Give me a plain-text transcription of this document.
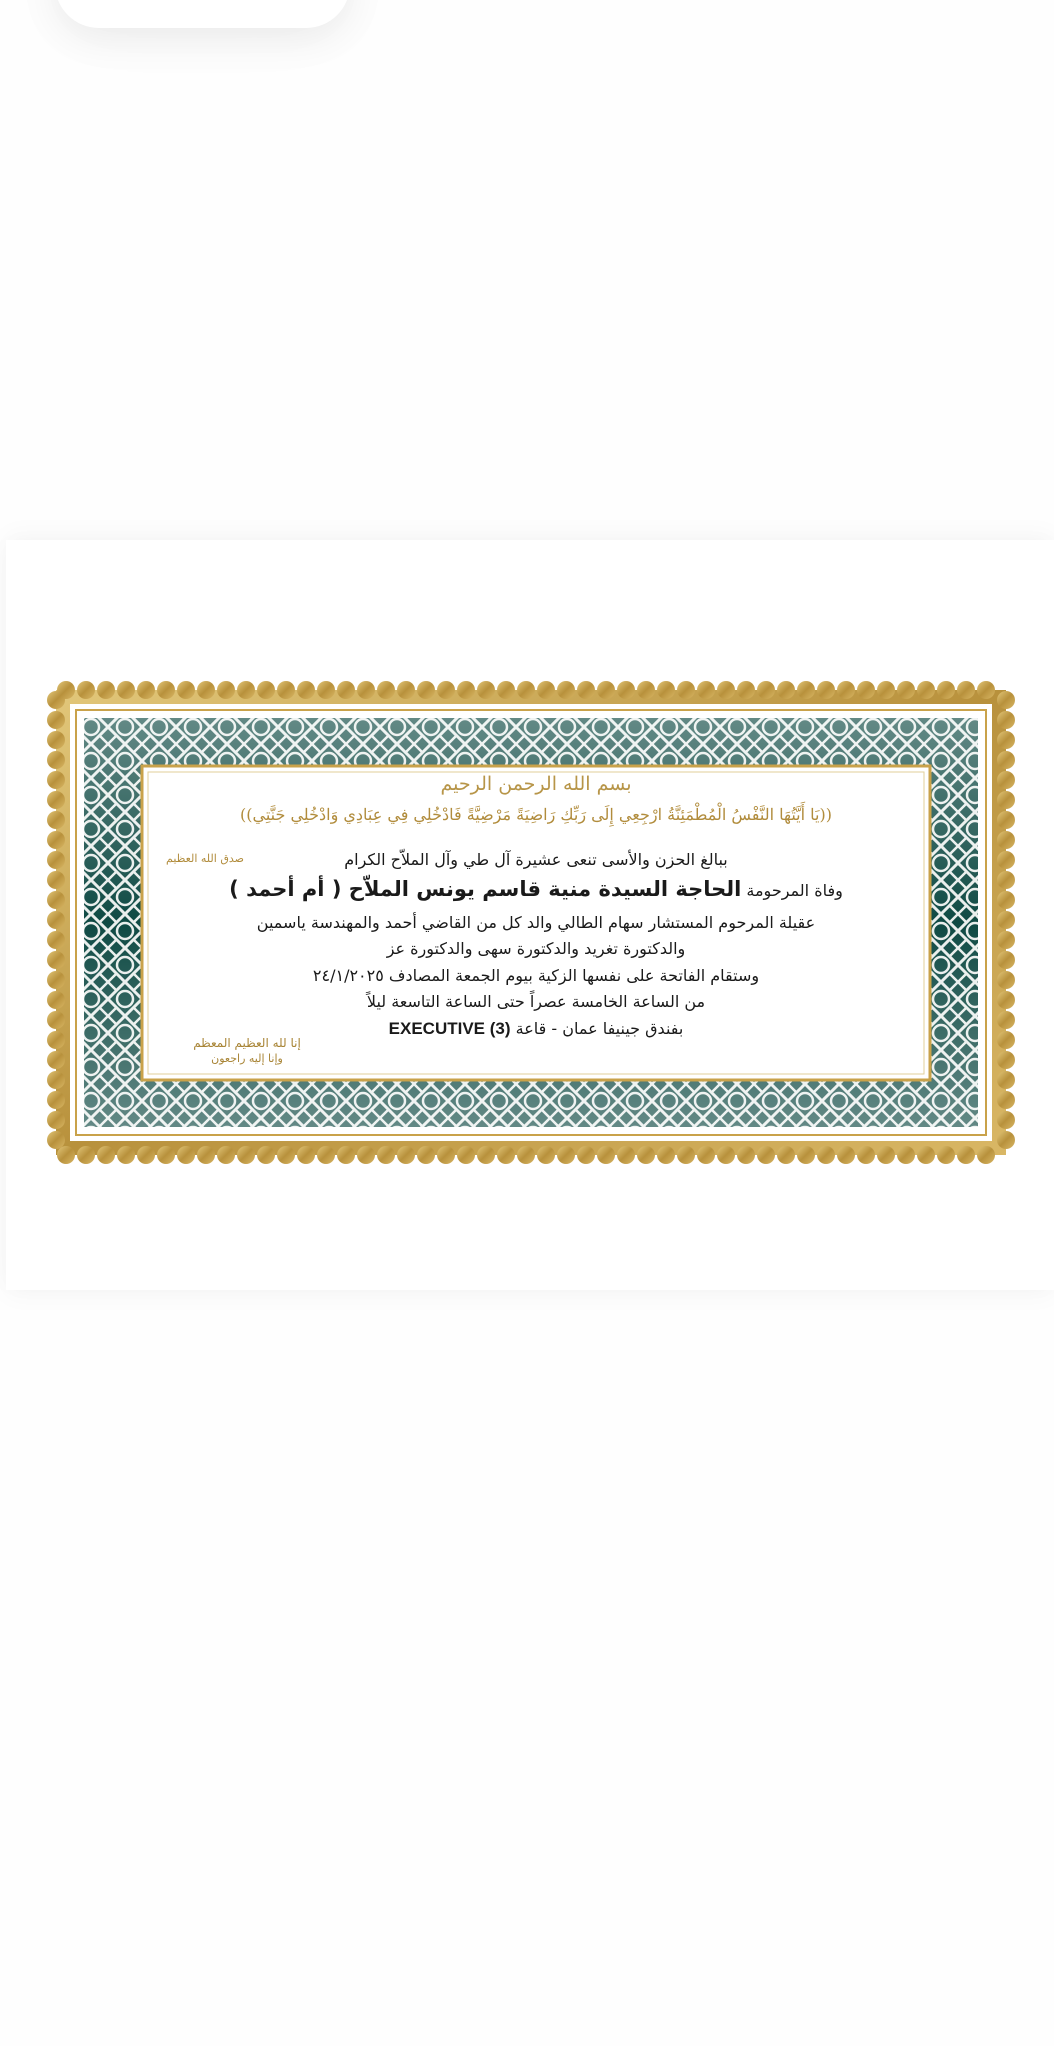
بسم الله الرحمن الرحيم
((يَا أَيَّتُهَا النَّفْسُ الْمُطْمَئِنَّةُ ارْجِعِي إِلَى رَبِّكِ رَاضِيَةً مَرْضِيَّةً فَادْخُلِي فِي عِبَادِي وَادْخُلِي جَنَّتِي))
ببالغ الحزن والأسى تنعى عشيرة آل طي وآل الملاّح الكرام
وفاة المرحومة الحاجة السيدة منية قاسم يونس الملاّح ( أم أحمد )
عقيلة المرحوم المستشار سهام الطالي والد كل من القاضي أحمد والمهندسة ياسمين
والدكتورة تغريد والدكتورة سهى والدكتورة عز
وستقام الفاتحة على نفسها الزكية بيوم الجمعة المصادف ٢٤/١/٢٠٢٥
من الساعة الخامسة عصراً حتى الساعة التاسعة ليلاً
بفندق جينيفا عمان - قاعة EXECUTIVE (3)
صدق الله العظيم
إنا لله العظيم المعظم
وإنا إليه راجعون
